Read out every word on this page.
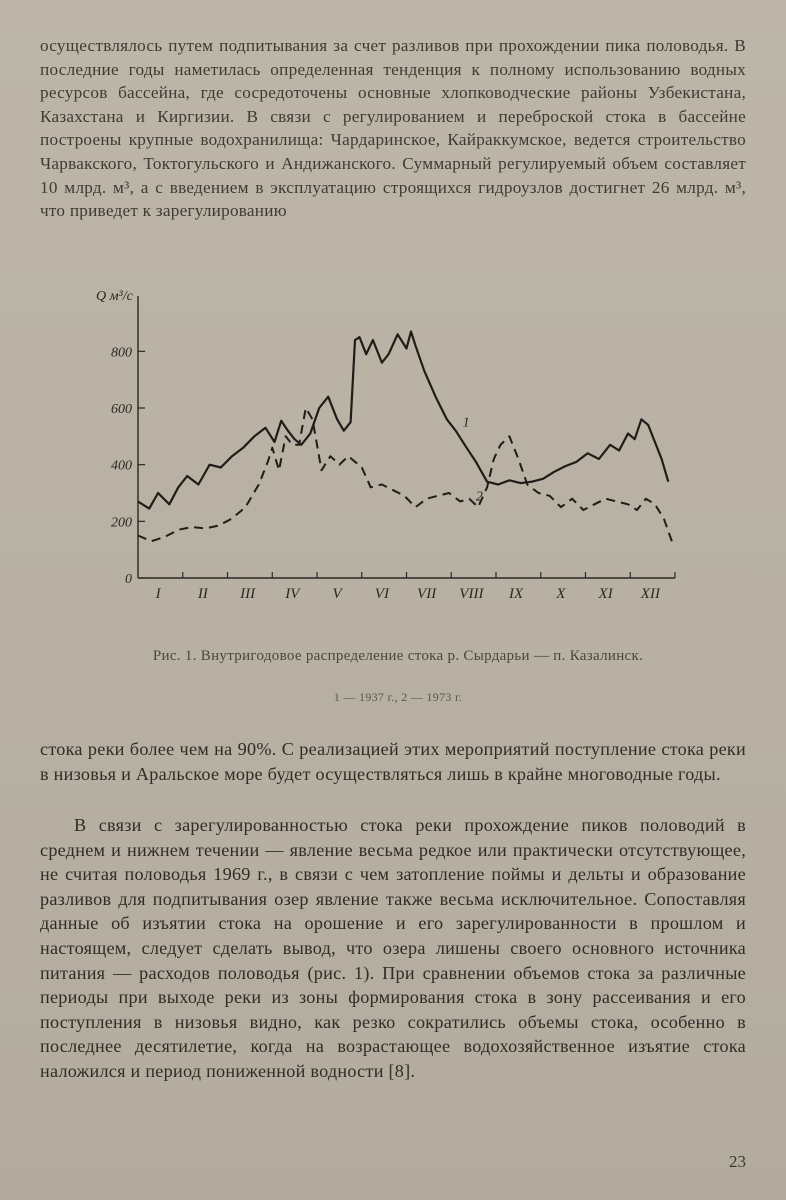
осуществлялось путем подпитывания за счет разливов при прохождении пика половодья. В последние годы наметилась определенная тенденция к полному использованию водных ресурсов бассейна, где сосредоточены основные хлопководческие районы Узбекистана, Казахстана и Киргизии. В связи с регулированием и переброской стока в бассейне построены крупные водохранилища: Чардаринское, Кайраккумское, ведется строительство Чарвакского, Токтогульского и Андижанского. Суммарный регулируемый объем составляет 10 млрд. м³, а с введением в эксплуатацию строящихся гидроузлов достигнет 26 млрд. м³, что приведет к зарегулированию

0
200
400
600
800
I II III IV V VI VII VIII IX X XI XII
Q м³/c
1
2

Рис. 1. Внутригодовое распределение стока р. Сырдарьи — п. Казалинск.

1 — 1937 г., 2 — 1973 г.

стока реки более чем на 90%. С реализацией этих мероприятий поступление стока реки в низовья и Аральское море будет осуществляться лишь в крайне многоводные годы.

В связи с зарегулированностью стока реки прохождение пиков половодий в среднем и нижнем течении — явление весьма редкое или практически отсутствующее, не считая половодья 1969 г., в связи с чем затопление поймы и дельты и образование разливов для подпитывания озер явление также весьма исключительное. Сопоставляя данные об изъятии стока на орошение и его зарегулированности в прошлом и настоящем, следует сделать вывод, что озера лишены своего основного источника питания — расходов половодья (рис. 1). При сравнении объемов стока за различные периоды при выходе реки из зоны формирования стока в зону рассеивания и его поступления в низовья видно, как резко сократились объемы стока, особенно в последнее десятилетие, когда на возрастающее водохозяйственное изъятие стока наложился и период пониженной водности [8].

23
